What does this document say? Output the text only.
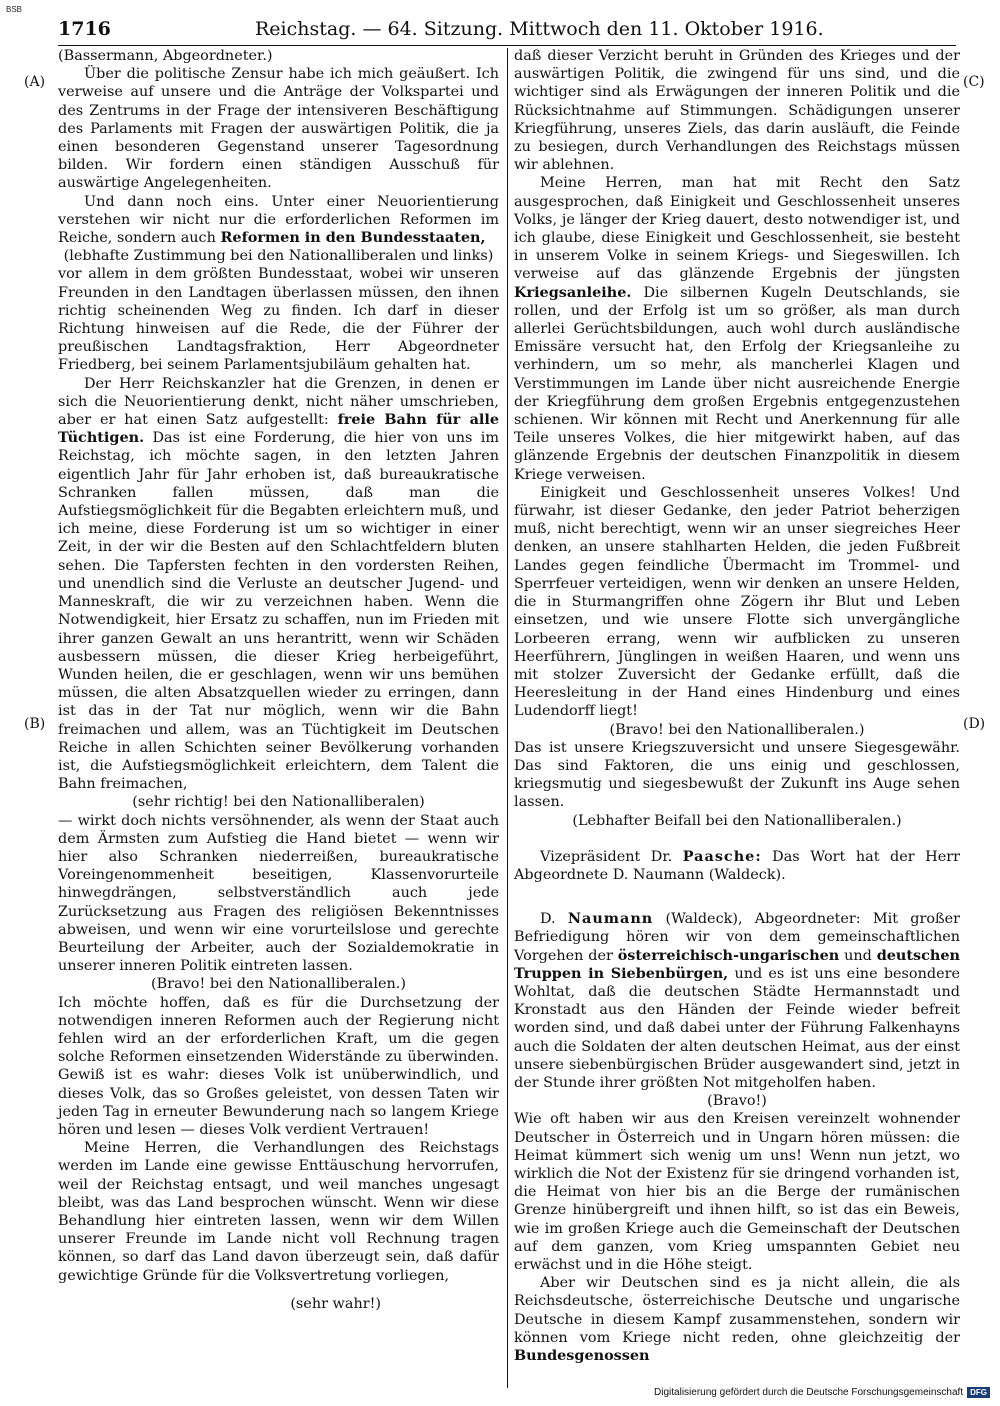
BSB
1716	Reichstag. — 64. Sitzung. Mittwoch den 11. Oktober 1916.
(A)
(B)
(C)
(D)

(Bassermann, Abgeordneter.)

Über die politische Zensur habe ich mich geäußert. Ich verweise auf unsere und die Anträge der Volkspartei und des Zentrums in der Frage der intensiveren Beschäftigung des Parlaments mit Fragen der auswärtigen Politik, die ja einen besonderen Gegenstand unserer Tagesordnung bilden. Wir fordern einen ständigen Ausschuß für auswärtige Angelegenheiten.

Und dann noch eins. Unter einer Neuorientierung verstehen wir nicht nur die erforderlichen Reformen im Reiche, sondern auch Reformen in den Bundesstaaten,

(lebhafte Zustimmung bei den Nationalliberalen und links)

vor allem in dem größten Bundesstaat, wobei wir unseren Freunden in den Landtagen überlassen müssen, den ihnen richtig scheinenden Weg zu finden. Ich darf in dieser Richtung hinweisen auf die Rede, die der Führer der preußischen Landtagsfraktion, Herr Abgeordneter Friedberg, bei seinem Parlamentsjubiläum gehalten hat.

Der Herr Reichskanzler hat die Grenzen, in denen er sich die Neuorientierung denkt, nicht näher umschrieben, aber er hat einen Satz aufgestellt: freie Bahn für alle Tüchtigen. Das ist eine Forderung, die hier von uns im Reichstag, ich möchte sagen, in den letzten Jahren eigentlich Jahr für Jahr erhoben ist, daß bureaukratische Schranken fallen müssen, daß man die Aufstiegsmöglichkeit für die Begabten erleichtern muß, und ich meine, diese Forderung ist um so wichtiger in einer Zeit, in der wir die Besten auf den Schlachtfeldern bluten sehen. Die Tapfersten fechten in den vordersten Reihen, und unendlich sind die Verluste an deutscher Jugend- und Manneskraft, die wir zu verzeichnen haben. Wenn die Notwendigkeit, hier Ersatz zu schaffen, nun im Frieden mit ihrer ganzen Gewalt an uns herantritt, wenn wir Schäden ausbessern müssen, die dieser Krieg herbeigeführt, Wunden heilen, die er geschlagen, wenn wir uns bemühen müssen, die alten Absatzquellen wieder zu erringen, dann ist das in der Tat nur möglich, wenn wir die Bahn freimachen und allem, was an Tüchtigkeit im Deutschen Reiche in allen Schichten seiner Bevölkerung vorhanden ist, die Aufstiegsmöglichkeit erleichtern, dem Talent die Bahn freimachen,

(sehr richtig! bei den Nationalliberalen)

— wirkt doch nichts versöhnender, als wenn der Staat auch dem Ärmsten zum Aufstieg die Hand bietet — wenn wir hier also Schranken niederreißen, bureaukratische Voreingenommenheit beseitigen, Klassenvorurteile hinwegdrängen, selbstverständlich auch jede Zurücksetzung aus Fragen des religiösen Bekenntnisses abweisen, und wenn wir eine vorurteilslose und gerechte Beurteilung der Arbeiter, auch der Sozialdemokratie in unserer inneren Politik eintreten lassen.

(Bravo! bei den Nationalliberalen.)

Ich möchte hoffen, daß es für die Durchsetzung der notwendigen inneren Reformen auch der Regierung nicht fehlen wird an der erforderlichen Kraft, um die gegen solche Reformen einsetzenden Widerstände zu überwinden. Gewiß ist es wahr: dieses Volk ist unüberwindlich, und dieses Volk, das so Großes geleistet, von dessen Taten wir jeden Tag in erneuter Bewunderung nach so langem Kriege hören und lesen — dieses Volk verdient Vertrauen!

Meine Herren, die Verhandlungen des Reichstags werden im Lande eine gewisse Enttäuschung hervorrufen, weil der Reichstag entsagt, und weil manches ungesagt bleibt, was das Land besprochen wünscht. Wenn wir diese Behandlung hier eintreten lassen, wenn wir dem Willen unserer Freunde im Lande nicht voll Rechnung tragen können, so darf das Land davon überzeugt sein, daß dafür gewichtige Gründe für die Volksvertretung vorliegen,

(sehr wahr!)

daß dieser Verzicht beruht in Gründen des Krieges und der auswärtigen Politik, die zwingend für uns sind, und die wichtiger sind als Erwägungen der inneren Politik und die Rücksichtnahme auf Stimmungen. Schädigungen unserer Kriegführung, unseres Ziels, das darin ausläuft, die Feinde zu besiegen, durch Verhandlungen des Reichstags müssen wir ablehnen.

Meine Herren, man hat mit Recht den Satz ausgesprochen, daß Einigkeit und Geschlossenheit unseres Volks, je länger der Krieg dauert, desto notwendiger ist, und ich glaube, diese Einigkeit und Geschlossenheit, sie besteht in unserem Volke in seinem Kriegs- und Siegeswillen. Ich verweise auf das glänzende Ergebnis der jüngsten Kriegsanleihe. Die silbernen Kugeln Deutschlands, sie rollen, und der Erfolg ist um so größer, als man durch allerlei Gerüchtsbildungen, auch wohl durch ausländische Emissäre versucht hat, den Erfolg der Kriegsanleihe zu verhindern, um so mehr, als mancherlei Klagen und Verstimmungen im Lande über nicht ausreichende Energie der Kriegführung dem großen Ergebnis entgegenzustehen schienen. Wir können mit Recht und Anerkennung für alle Teile unseres Volkes, die hier mitgewirkt haben, auf das glänzende Ergebnis der deutschen Finanzpolitik in diesem Kriege verweisen.

Einigkeit und Geschlossenheit unseres Volkes! Und fürwahr, ist dieser Gedanke, den jeder Patriot beherzigen muß, nicht berechtigt, wenn wir an unser siegreiches Heer denken, an unsere stahlharten Helden, die jeden Fußbreit Landes gegen feindliche Übermacht im Trommel- und Sperrfeuer verteidigen, wenn wir denken an unsere Helden, die in Sturmangriffen ohne Zögern ihr Blut und Leben einsetzen, und wie unsere Flotte sich unvergängliche Lorbeeren errang, wenn wir aufblicken zu unseren Heerführern, Jünglingen in weißen Haaren, und wenn uns mit stolzer Zuversicht der Gedanke erfüllt, daß die Heeresleitung in der Hand eines Hindenburg und eines Ludendorff liegt!

(Bravo! bei den Nationalliberalen.)

Das ist unsere Kriegszuversicht und unsere Siegesgewähr. Das sind Faktoren, die uns einig und geschlossen, kriegsmutig und siegesbewußt der Zukunft ins Auge sehen lassen.

(Lebhafter Beifall bei den Nationalliberalen.)

Vizepräsident Dr. Paasche: Das Wort hat der Herr Abgeordnete D. Naumann (Waldeck).

D. Naumann (Waldeck), Abgeordneter: Mit großer Befriedigung hören wir von dem gemeinschaftlichen Vorgehen der österreichisch-ungarischen und deutschen Truppen in Siebenbürgen, und es ist uns eine besondere Wohltat, daß die deutschen Städte Hermannstadt und Kronstadt aus den Händen der Feinde wieder befreit worden sind, und daß dabei unter der Führung Falkenhayns auch die Soldaten der alten deutschen Heimat, aus der einst unsere siebenbürgischen Brüder ausgewandert sind, jetzt in der Stunde ihrer größten Not mitgeholfen haben.

(Bravo!)

Wie oft haben wir aus den Kreisen vereinzelt wohnender Deutscher in Österreich und in Ungarn hören müssen: die Heimat kümmert sich wenig um uns! Wenn nun jetzt, wo wirklich die Not der Existenz für sie dringend vorhanden ist, die Heimat von hier bis an die Berge der rumänischen Grenze hinübergreift und ihnen hilft, so ist das ein Beweis, wie im großen Kriege auch die Gemeinschaft der Deutschen auf dem ganzen, vom Krieg umspannten Gebiet neu erwächst und in die Höhe steigt.

Aber wir Deutschen sind es ja nicht allein, die als Reichsdeutsche, österreichische Deutsche und ungarische Deutsche in diesem Kampf zusammenstehen, sondern wir können vom Kriege nicht reden, ohne gleichzeitig der Bundesgenossen

Digitalisierung gefördert durch die Deutsche Forschungsgemeinschaft DFG
